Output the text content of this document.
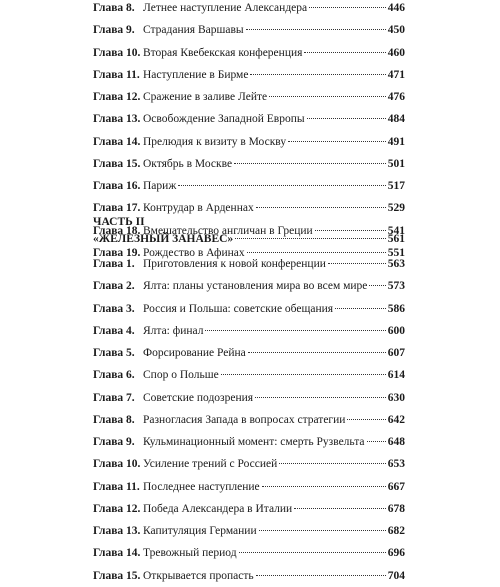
Глава 8. Летнее наступление Александера	446
Глава 9. Страдания Варшавы	450
Глава 10. Вторая Квебекская конференция	460
Глава 11. Наступление в Бирме	471
Глава 12. Сражение в заливе Лейте	476
Глава 13. Освобождение Западной Европы	484
Глава 14. Прелюдия к визиту в Москву	491
Глава 15. Октябрь в Москве	501
Глава 16. Париж	517
Глава 17. Контрудар в Арденнах	529
Глава 18. Вмешательство англичан в Греции	541
Глава 19. Рождество в Афинах	551
ЧАСТЬ II
«ЖЕЛЕЗНЫЙ ЗАНАВЕС»	561
Глава 1. Приготовления к новой конференции	563
Глава 2. Ялта: планы установления мира во всем мире 573
Глава 3. Россия и Польша: советские обещания	586
Глава 4. Ялта: финал	600
Глава 5. Форсирование Рейна	607
Глава 6. Спор о Польше	614
Глава 7. Советские подозрения	630
Глава 8. Разногласия Запада в вопросах стратегии	642
Глава 9. Кульминационный момент: смерть Рузвельта 648
Глава 10. Усиление трений с Россией	653
Глава 11. Последнее наступление	667
Глава 12. Победа Александера в Италии	678
Глава 13. Капитуляция Германии	682
Глава 14. Тревожный период	696
Глава 15. Открывается пропасть	704
